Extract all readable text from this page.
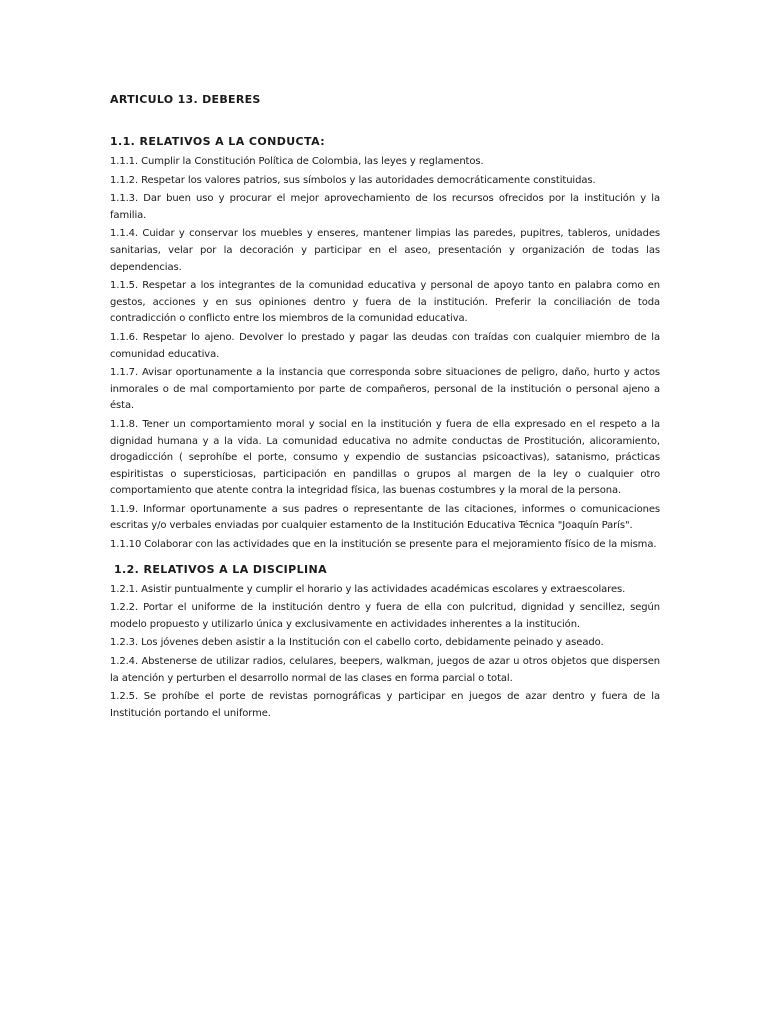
ARTICULO 13. DEBERES
1.1. RELATIVOS A LA CONDUCTA:

1.1.1. Cumplir la Constitución Política de Colombia, las leyes y reglamentos.

1.1.2. Respetar los valores patrios, sus símbolos y las autoridades democráticamente constituidas.

1.1.3. Dar buen uso y procurar el mejor aprovechamiento de los recursos ofrecidos por la institución y la familia.

1.1.4. Cuidar y conservar los muebles y enseres, mantener limpias las paredes, pupitres, tableros, unidades sanitarias, velar por la decoración y participar en el aseo, presentación y organización de todas las dependencias.

1.1.5. Respetar a los integrantes de la comunidad educativa y personal de apoyo tanto en palabra como en gestos, acciones y en sus opiniones dentro y fuera de la institución. Preferir la conciliación de toda contradicción o conflicto entre los miembros de la comunidad educativa.

1.1.6. Respetar lo ajeno. Devolver lo prestado y pagar las deudas con traídas con cualquier miembro de la comunidad educativa.

1.1.7. Avisar oportunamente a la instancia que corresponda sobre situaciones de peligro, daño, hurto y actos inmorales o de mal comportamiento por parte de compañeros, personal de la institución o personal ajeno a ésta.

1.1.8. Tener un comportamiento moral y social en la institución y fuera de ella expresado en el respeto a la dignidad humana y a la vida. La comunidad educativa no admite conductas de Prostitución, alicoramiento, drogadicción ( seprohíbe el porte, consumo y expendio de sustancias psicoactivas), satanismo, prácticas espiritistas o supersticiosas, participación en pandillas o grupos al margen de la ley o cualquier otro comportamiento que atente contra la integridad física, las buenas costumbres y la moral de la persona.

1.1.9. Informar oportunamente a sus padres o representante de las citaciones, informes o comunicaciones escritas y/o verbales enviadas por cualquier estamento de la Institución Educativa Técnica "Joaquín París".

1.1.10 Colaborar con las actividades que en la institución se presente para el mejoramiento físico de la misma.

1.2. RELATIVOS A LA DISCIPLINA

1.2.1. Asistir puntualmente y cumplir el horario y las actividades académicas escolares y extraescolares.

1.2.2. Portar el uniforme de la institución dentro y fuera de ella con pulcritud, dignidad y sencillez, según modelo propuesto y utilizarlo única y exclusivamente en actividades inherentes a la institución.

1.2.3. Los jóvenes deben asistir a la Institución con el cabello corto, debidamente peinado y aseado.

1.2.4. Abstenerse de utilizar radios, celulares, beepers, walkman, juegos de azar u otros objetos que dispersen la atención y perturben el desarrollo normal de las clases en forma parcial o total.

1.2.5. Se prohíbe el porte de revistas pornográficas y participar en juegos de azar dentro y fuera de la Institución portando el uniforme.
